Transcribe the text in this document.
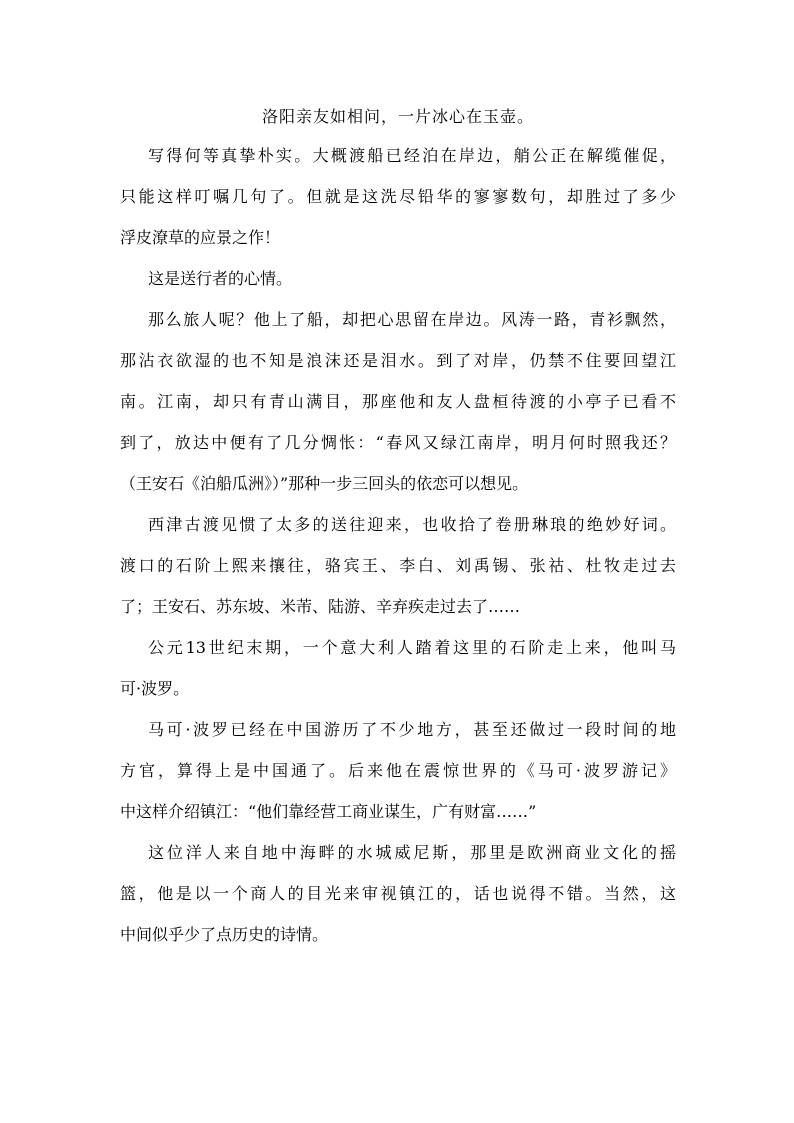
洛阳亲友如相问，一片冰心在玉壶。
写得何等真挚朴实。大概渡船已经泊在岸边，艄公正在解缆催促，
只能这样叮嘱几句了。但就是这洗尽铅华的寥寥数句，却胜过了多少
浮皮潦草的应景之作！
这是送行者的心情。
那么旅人呢？他上了船，却把心思留在岸边。风涛一路，青衫飘然，
那沾衣欲湿的也不知是浪沫还是泪水。到了对岸，仍禁不住要回望江
南。江南，却只有青山满目，那座他和友人盘桓待渡的小亭子已看不
到了，放达中便有了几分惆怅：“春风又绿江南岸，明月何时照我还？
（王安石《泊船瓜洲》）”那种一步三回头的依恋可以想见。
西津古渡见惯了太多的送往迎来，也收拾了卷册琳琅的绝妙好词。
渡口的石阶上熙来攘往，骆宾王、李白、刘禹锡、张祜、杜牧走过去
了；王安石、苏东坡、米芾、陆游、辛弃疾走过去了……
公元13世纪末期，一个意大利人踏着这里的石阶走上来，他叫马
可·波罗。
马可·波罗已经在中国游历了不少地方，甚至还做过一段时间的地
方官，算得上是中国通了。后来他在震惊世界的《马可·波罗游记》
中这样介绍镇江：“他们靠经营工商业谋生，广有财富……”
这位洋人来自地中海畔的水城威尼斯，那里是欧洲商业文化的摇
篮，他是以一个商人的目光来审视镇江的，话也说得不错。当然，这
中间似乎少了点历史的诗情。
